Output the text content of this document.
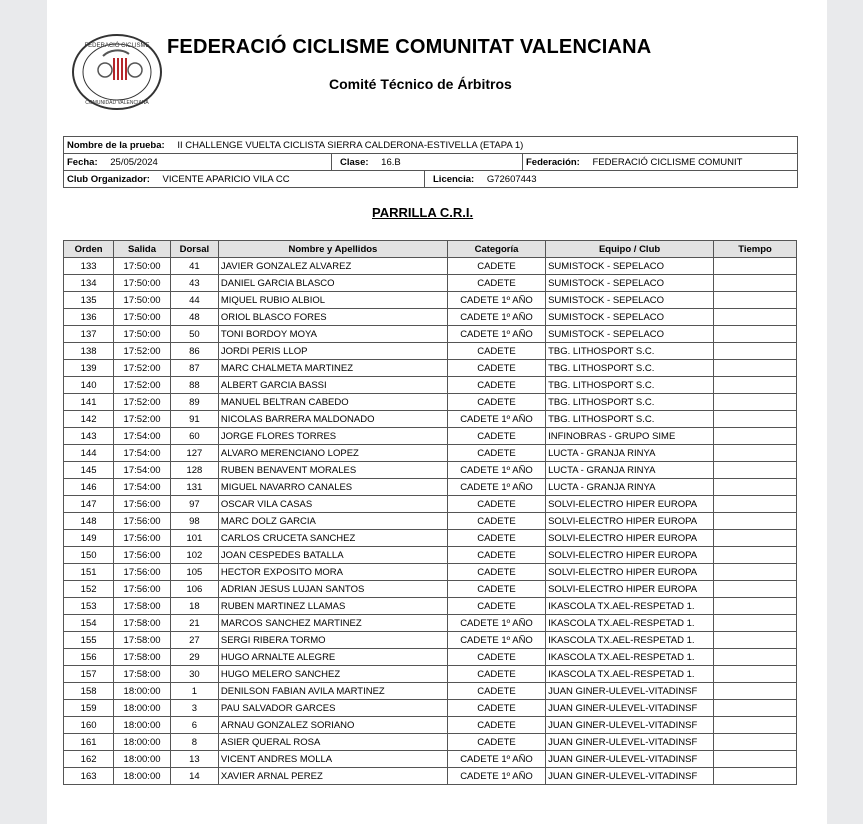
FEDERACIÓ CICLISME
COMUNIDAD VALENCIANA
FEDERACIÓ CICLISME COMUNITAT VALENCIANA
Comité Técnico de Árbitros
Nombre de la prueba: II CHALLENGE VUELTA CICLISTA SIERRA CALDERONA-ESTIVELLA (ETAPA 1)			
Fecha: 25/05/2024	Clase: 16.B		Federación: FEDERACIÓ CICLISME COMUNIT
Club Organizador: VICENTE APARICIO VILA CC		Licencia: G72607443	
PARRILLA C.R.I.
Orden	Salida	Dorsal	Nombre y Apellidos	Categoría	Equipo / Club	Tiempo
133	17:50:00	41	JAVIER GONZALEZ ALVAREZ	CADETE	SUMISTOCK - SEPELACO	
134	17:50:00	43	DANIEL GARCIA BLASCO	CADETE	SUMISTOCK - SEPELACO	
135	17:50:00	44	MIQUEL RUBIO ALBIOL	CADETE 1º AÑO	SUMISTOCK - SEPELACO	
136	17:50:00	48	ORIOL BLASCO FORES	CADETE 1º AÑO	SUMISTOCK - SEPELACO	
137	17:50:00	50	TONI BORDOY MOYA	CADETE 1º AÑO	SUMISTOCK - SEPELACO	
138	17:52:00	86	JORDI PERIS LLOP	CADETE	TBG. LITHOSPORT S.C.	
139	17:52:00	87	MARC CHALMETA MARTINEZ	CADETE	TBG. LITHOSPORT S.C.	
140	17:52:00	88	ALBERT GARCIA BASSI	CADETE	TBG. LITHOSPORT S.C.	
141	17:52:00	89	MANUEL BELTRAN CABEDO	CADETE	TBG. LITHOSPORT S.C.	
142	17:52:00	91	NICOLAS BARRERA MALDONADO	CADETE 1º AÑO	TBG. LITHOSPORT S.C.	
143	17:54:00	60	JORGE FLORES TORRES	CADETE	INFINOBRAS - GRUPO SIME	
144	17:54:00	127	ALVARO MERENCIANO LOPEZ	CADETE	LUCTA - GRANJA RINYA	
145	17:54:00	128	RUBEN BENAVENT MORALES	CADETE 1º AÑO	LUCTA - GRANJA RINYA	
146	17:54:00	131	MIGUEL NAVARRO CANALES	CADETE 1º AÑO	LUCTA - GRANJA RINYA	
147	17:56:00	97	OSCAR VILA CASAS	CADETE	SOLVI-ELECTRO HIPER EUROPA	
148	17:56:00	98	MARC DOLZ GARCIA	CADETE	SOLVI-ELECTRO HIPER EUROPA	
149	17:56:00	101	CARLOS CRUCETA SANCHEZ	CADETE	SOLVI-ELECTRO HIPER EUROPA	
150	17:56:00	102	JOAN CESPEDES BATALLA	CADETE	SOLVI-ELECTRO HIPER EUROPA	
151	17:56:00	105	HECTOR EXPOSITO MORA	CADETE	SOLVI-ELECTRO HIPER EUROPA	
152	17:56:00	106	ADRIAN JESUS LUJAN SANTOS	CADETE	SOLVI-ELECTRO HIPER EUROPA	
153	17:58:00	18	RUBEN MARTINEZ LLAMAS	CADETE	IKASCOLA TX.AEL-RESPETAD 1.	
154	17:58:00	21	MARCOS SANCHEZ MARTINEZ	CADETE 1º AÑO	IKASCOLA TX.AEL-RESPETAD 1.	
155	17:58:00	27	SERGI RIBERA TORMO	CADETE 1º AÑO	IKASCOLA TX.AEL-RESPETAD 1.	
156	17:58:00	29	HUGO ARNALTE ALEGRE	CADETE	IKASCOLA TX.AEL-RESPETAD 1.	
157	17:58:00	30	HUGO MELERO SANCHEZ	CADETE	IKASCOLA TX.AEL-RESPETAD 1.	
158	18:00:00	1	DENILSON FABIAN AVILA MARTINEZ	CADETE	JUAN GINER-ULEVEL-VITADINSF	
159	18:00:00	3	PAU SALVADOR GARCES	CADETE	JUAN GINER-ULEVEL-VITADINSF	
160	18:00:00	6	ARNAU GONZALEZ SORIANO	CADETE	JUAN GINER-ULEVEL-VITADINSF	
161	18:00:00	8	ASIER QUERAL ROSA	CADETE	JUAN GINER-ULEVEL-VITADINSF	
162	18:00:00	13	VICENT ANDRES MOLLA	CADETE 1º AÑO	JUAN GINER-ULEVEL-VITADINSF	
163	18:00:00	14	XAVIER ARNAL PEREZ	CADETE 1º AÑO	JUAN GINER-ULEVEL-VITADINSF	
